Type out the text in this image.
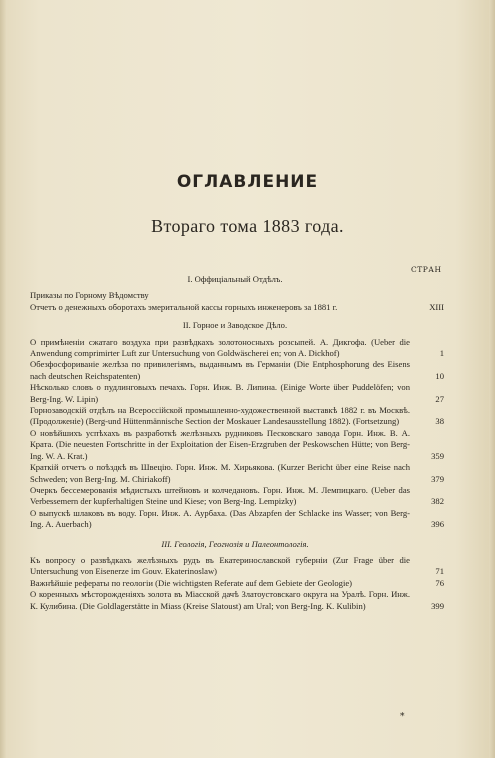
ОГЛАВЛЕНИЕ
Втораго тома 1883 года.
СТРАН
I. Оффиціальный Отдѣлъ.
Приказы по Горному Вѣдомству
Отчетъ о денежныхъ оборотахъ эмеритальной кассы горныхъ инженеровъ за 1881 г.	XIII
II. Горное и Заводское Дѣло.
О примѣненіи сжатаго воздуха при развѣдкахъ золотоносныхъ розсыпей. А. Дикгофа. (Ueber die Anwendung comprimirter Luft zur Untersuchung von Goldwäscherei en; von A. Dickhof)	1
Обезфосфориваніе желѣза по привилегіямъ, выданнымъ въ Германіи (Die Entphosphorung des Eisens nach deutschen Reichspatenten)	10
Нѣсколько словъ о пудлинговыхъ печахъ. Горн. Инж. В. Липина. (Einige Worte über Puddelöfen; von Berg-Ing. W. Lipin)	27
Горнозаводскій отдѣлъ на Всероссійской промышленно-художественной выставкѣ 1882 г. въ Москвѣ. (Продолженіе) (Berg-und Hüttenmännische Section der Moskauer Landesausstellung 1882). (Fortsetzung)	38
О новѣйшихъ успѣхахъ въ разработкѣ желѣзныхъ рудниковъ Песковскаго завода Горн. Инж. В. А. Крата. (Die neuesten Fortschritte in der Exploitation der Eisen-Erzgruben der Peskowschen Hütte; von Berg-Ing. W. A. Krat.)	359
Краткій отчетъ о поѣздкѣ въ Швецію. Горн. Инж. М. Хирьякова. (Kurzer Bericht über eine Reise nach Schweden; von Berg-Ing. M. Chiriakoff)	379
Очеркъ бессемерованія мѣдистыхъ штейновъ и колчедановъ. Горн. Инж. М. Лемпицкаго. (Ueber das Verbessemern der kupferhaltigen Steine und Kiese; von Berg-Ing. Lempizky)	382
О выпускѣ шлаковъ въ воду. Горн. Инж. А. Аурбаха. (Das Abzapfen der Schlacke ins Wasser; von Berg-Ing. A. Auerbach)	396
III. Геологія, Геогнозія и Палеонтологія.
Къ вопросу о развѣдкахъ желѣзныхъ рудъ въ Екатеринославской губерніи (Zur Frage über die Untersuchung von Eisenerze im Gouv. Ekaterinoslaw)	71
Важнѣйшіе рефераты по геологіи (Die wichtigsten Referate auf dem Gebiete der Geologie)	76
О коренныхъ мѣсторожденіяхъ золота въ Міасской дачѣ Златоустовскаго округа на Уралѣ. Горн. Инж. К. Кулибина. (Die Goldlagerstätte in Miass (Kreise Slatoust) am Ural; von Berg-Ing. K. Kulibin)	399
*
